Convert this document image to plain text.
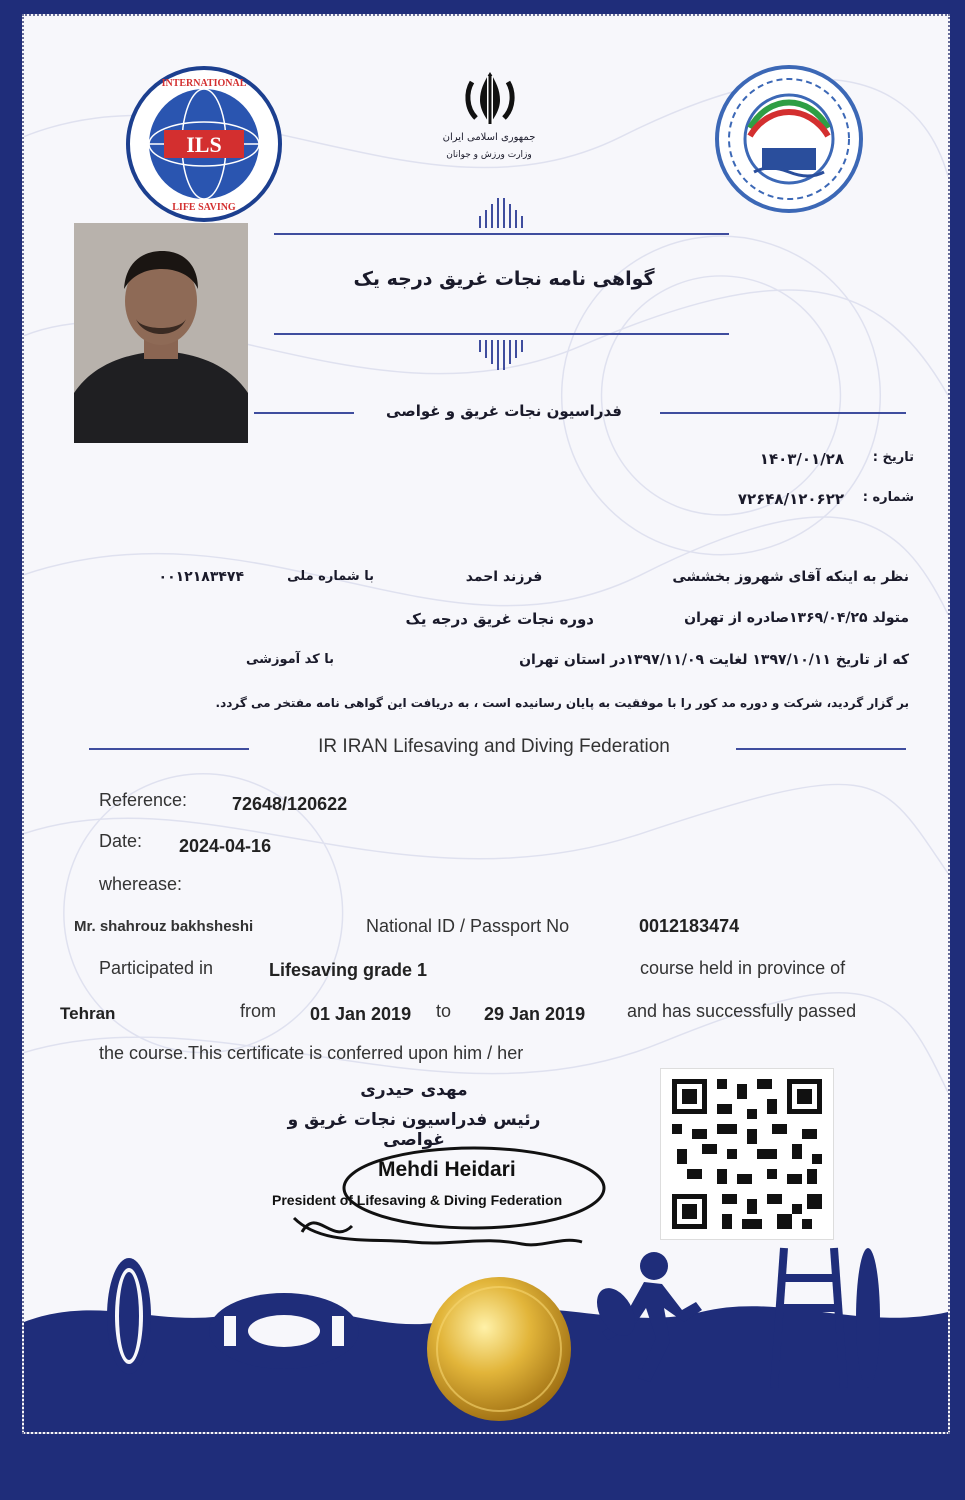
ILS
INTERNATIONAL
LIFE SAVING
جمهوری اسلامی ایران
وزارت ورزش و جوانان
گواهی نامه نجات غریق درجه یک
فدراسیون نجات غریق و غواصی
تاریخ :
۱۴۰۳/۰۱/۲۸
شماره :
۷۲۶۴۸/۱۲۰۶۲۲
نظر به اینکه آقای شهروز بخششی
فرزند احمد
با شماره ملی
۰۰۱۲۱۸۳۴۷۴
متولد ۱۳۶۹/۰۴/۲۵صادره از تهران
دوره نجات غریق درجه یک
که از تاریخ ۱۳۹۷/۱۰/۱۱ لغایت ۱۳۹۷/۱۱/۰۹در استان تهران
با کد آموزشی
بر گزار گردید، شرکت و دوره مد کور را با موفقیت به پایان رسانیده است ، به دریافت این گواهی نامه مفتخر می گردد.
IR IRAN Lifesaving and Diving Federation
Reference: 72648/120622
Date: 2024-04-16
wherease:
Mr. shahrouz bakhsheshi	National ID / Passport No	0012183474
Participated in	Lifesaving grade 1	course held in province of
Tehran	from 01 Jan 2019 to 29 Jan 2019 and has successfully passed
the course.This certificate is conferred upon him / her
مهدی حیدری
رئیس فدراسیون نجات غریق و غواصی
Mehdi Heidari
President of Lifesaving & Diving Federation
